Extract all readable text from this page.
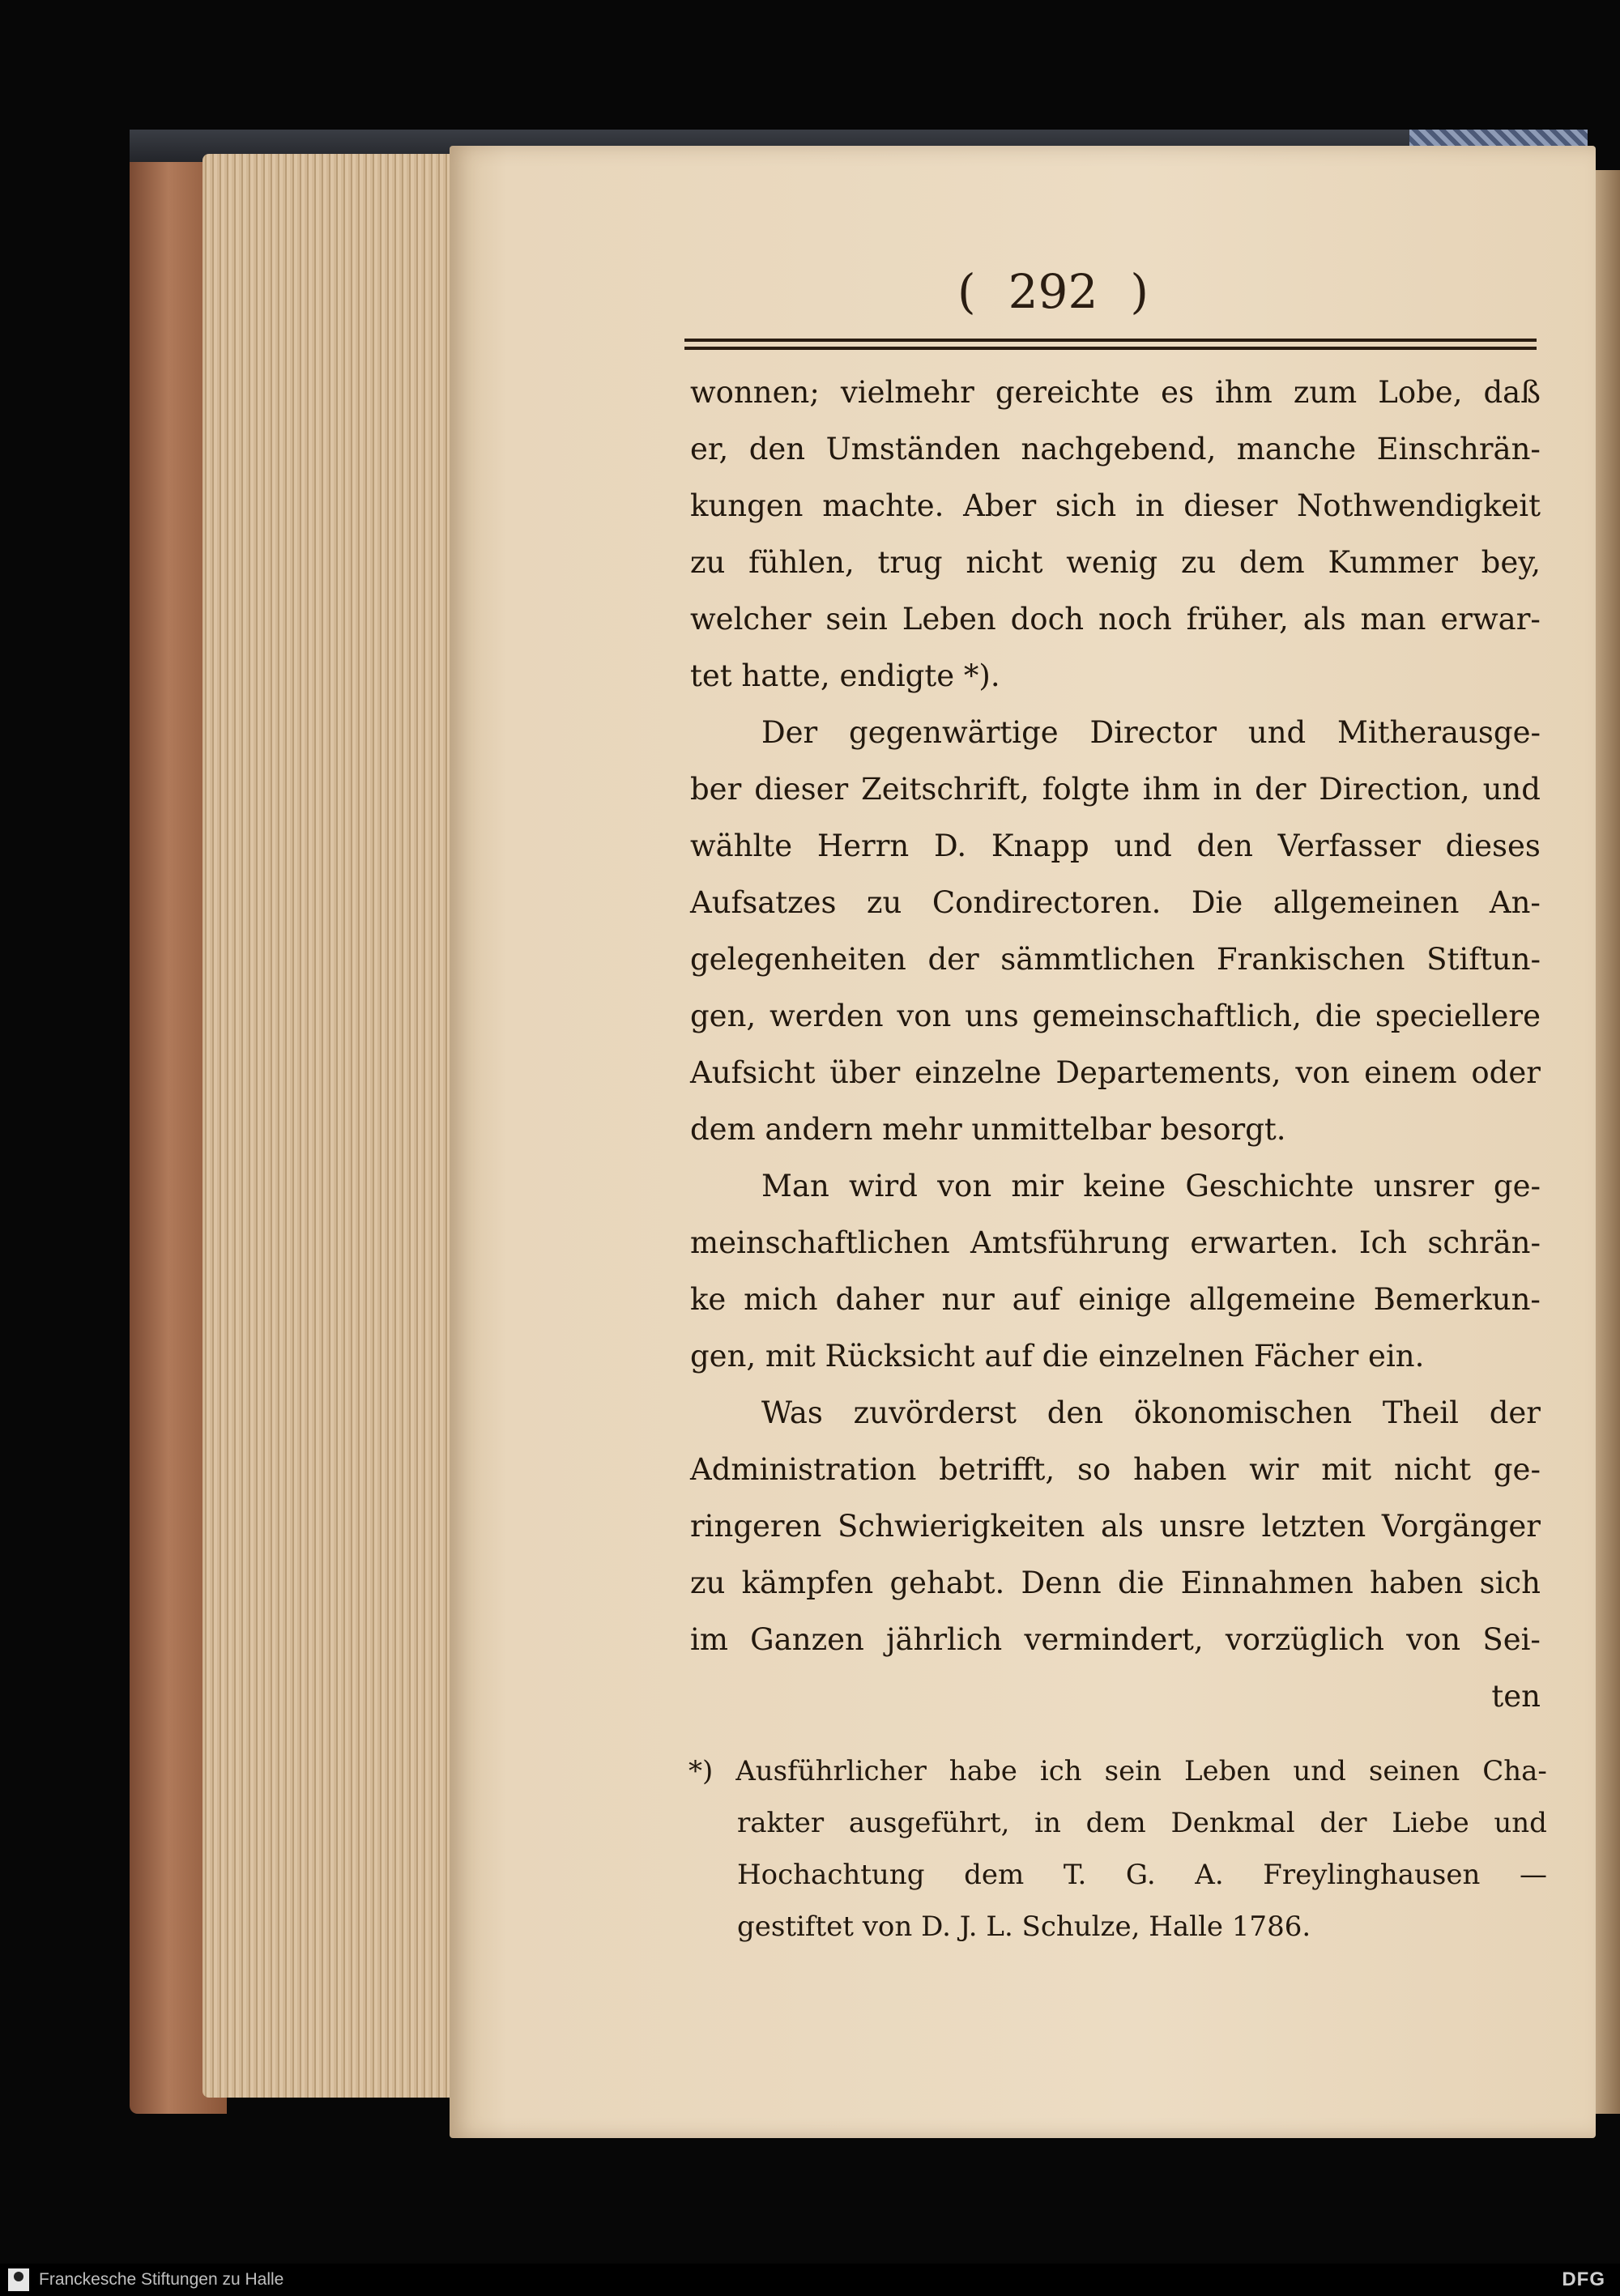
( 292 )
wonnen; vielmehr gereichte es ihm zum Lobe, daß
er, den Umständen nachgebend, manche Einschrän-
kungen machte. Aber sich in dieser Nothwendigkeit
zu fühlen, trug nicht wenig zu dem Kummer bey,
welcher sein Leben doch noch früher, als man erwar-
tet hatte, endigte *).
Der gegenwärtige Director und Mitherausge-
ber dieser Zeitschrift, folgte ihm in der Direction, und
wählte Herrn D. Knapp und den Verfasser dieses
Aufsatzes zu Condirectoren. Die allgemeinen An-
gelegenheiten der sämmtlichen Frankischen Stiftun-
gen, werden von uns gemeinschaftlich, die speciellere
Aufsicht über einzelne Departements, von einem oder
dem andern mehr unmittelbar besorgt.
Man wird von mir keine Geschichte unsrer ge-
meinschaftlichen Amtsführung erwarten. Ich schrän-
ke mich daher nur auf einige allgemeine Bemerkun-
gen, mit Rücksicht auf die einzelnen Fächer ein.
Was zuvörderst den ökonomischen Theil der
Administration betrifft, so haben wir mit nicht ge-
ringeren Schwierigkeiten als unsre letzten Vorgänger
zu kämpfen gehabt. Denn die Einnahmen haben sich
im Ganzen jährlich vermindert, vorzüglich von Sei-
ten
*) Ausführlicher habe ich sein Leben und seinen Cha-
rakter ausgeführt, in dem Denkmal der Liebe und
Hochachtung dem T. G. A. Freylinghausen —
gestiftet von D. J. L. Schulze, Halle 1786.
Franckesche Stiftungen zu Halle	DFG
